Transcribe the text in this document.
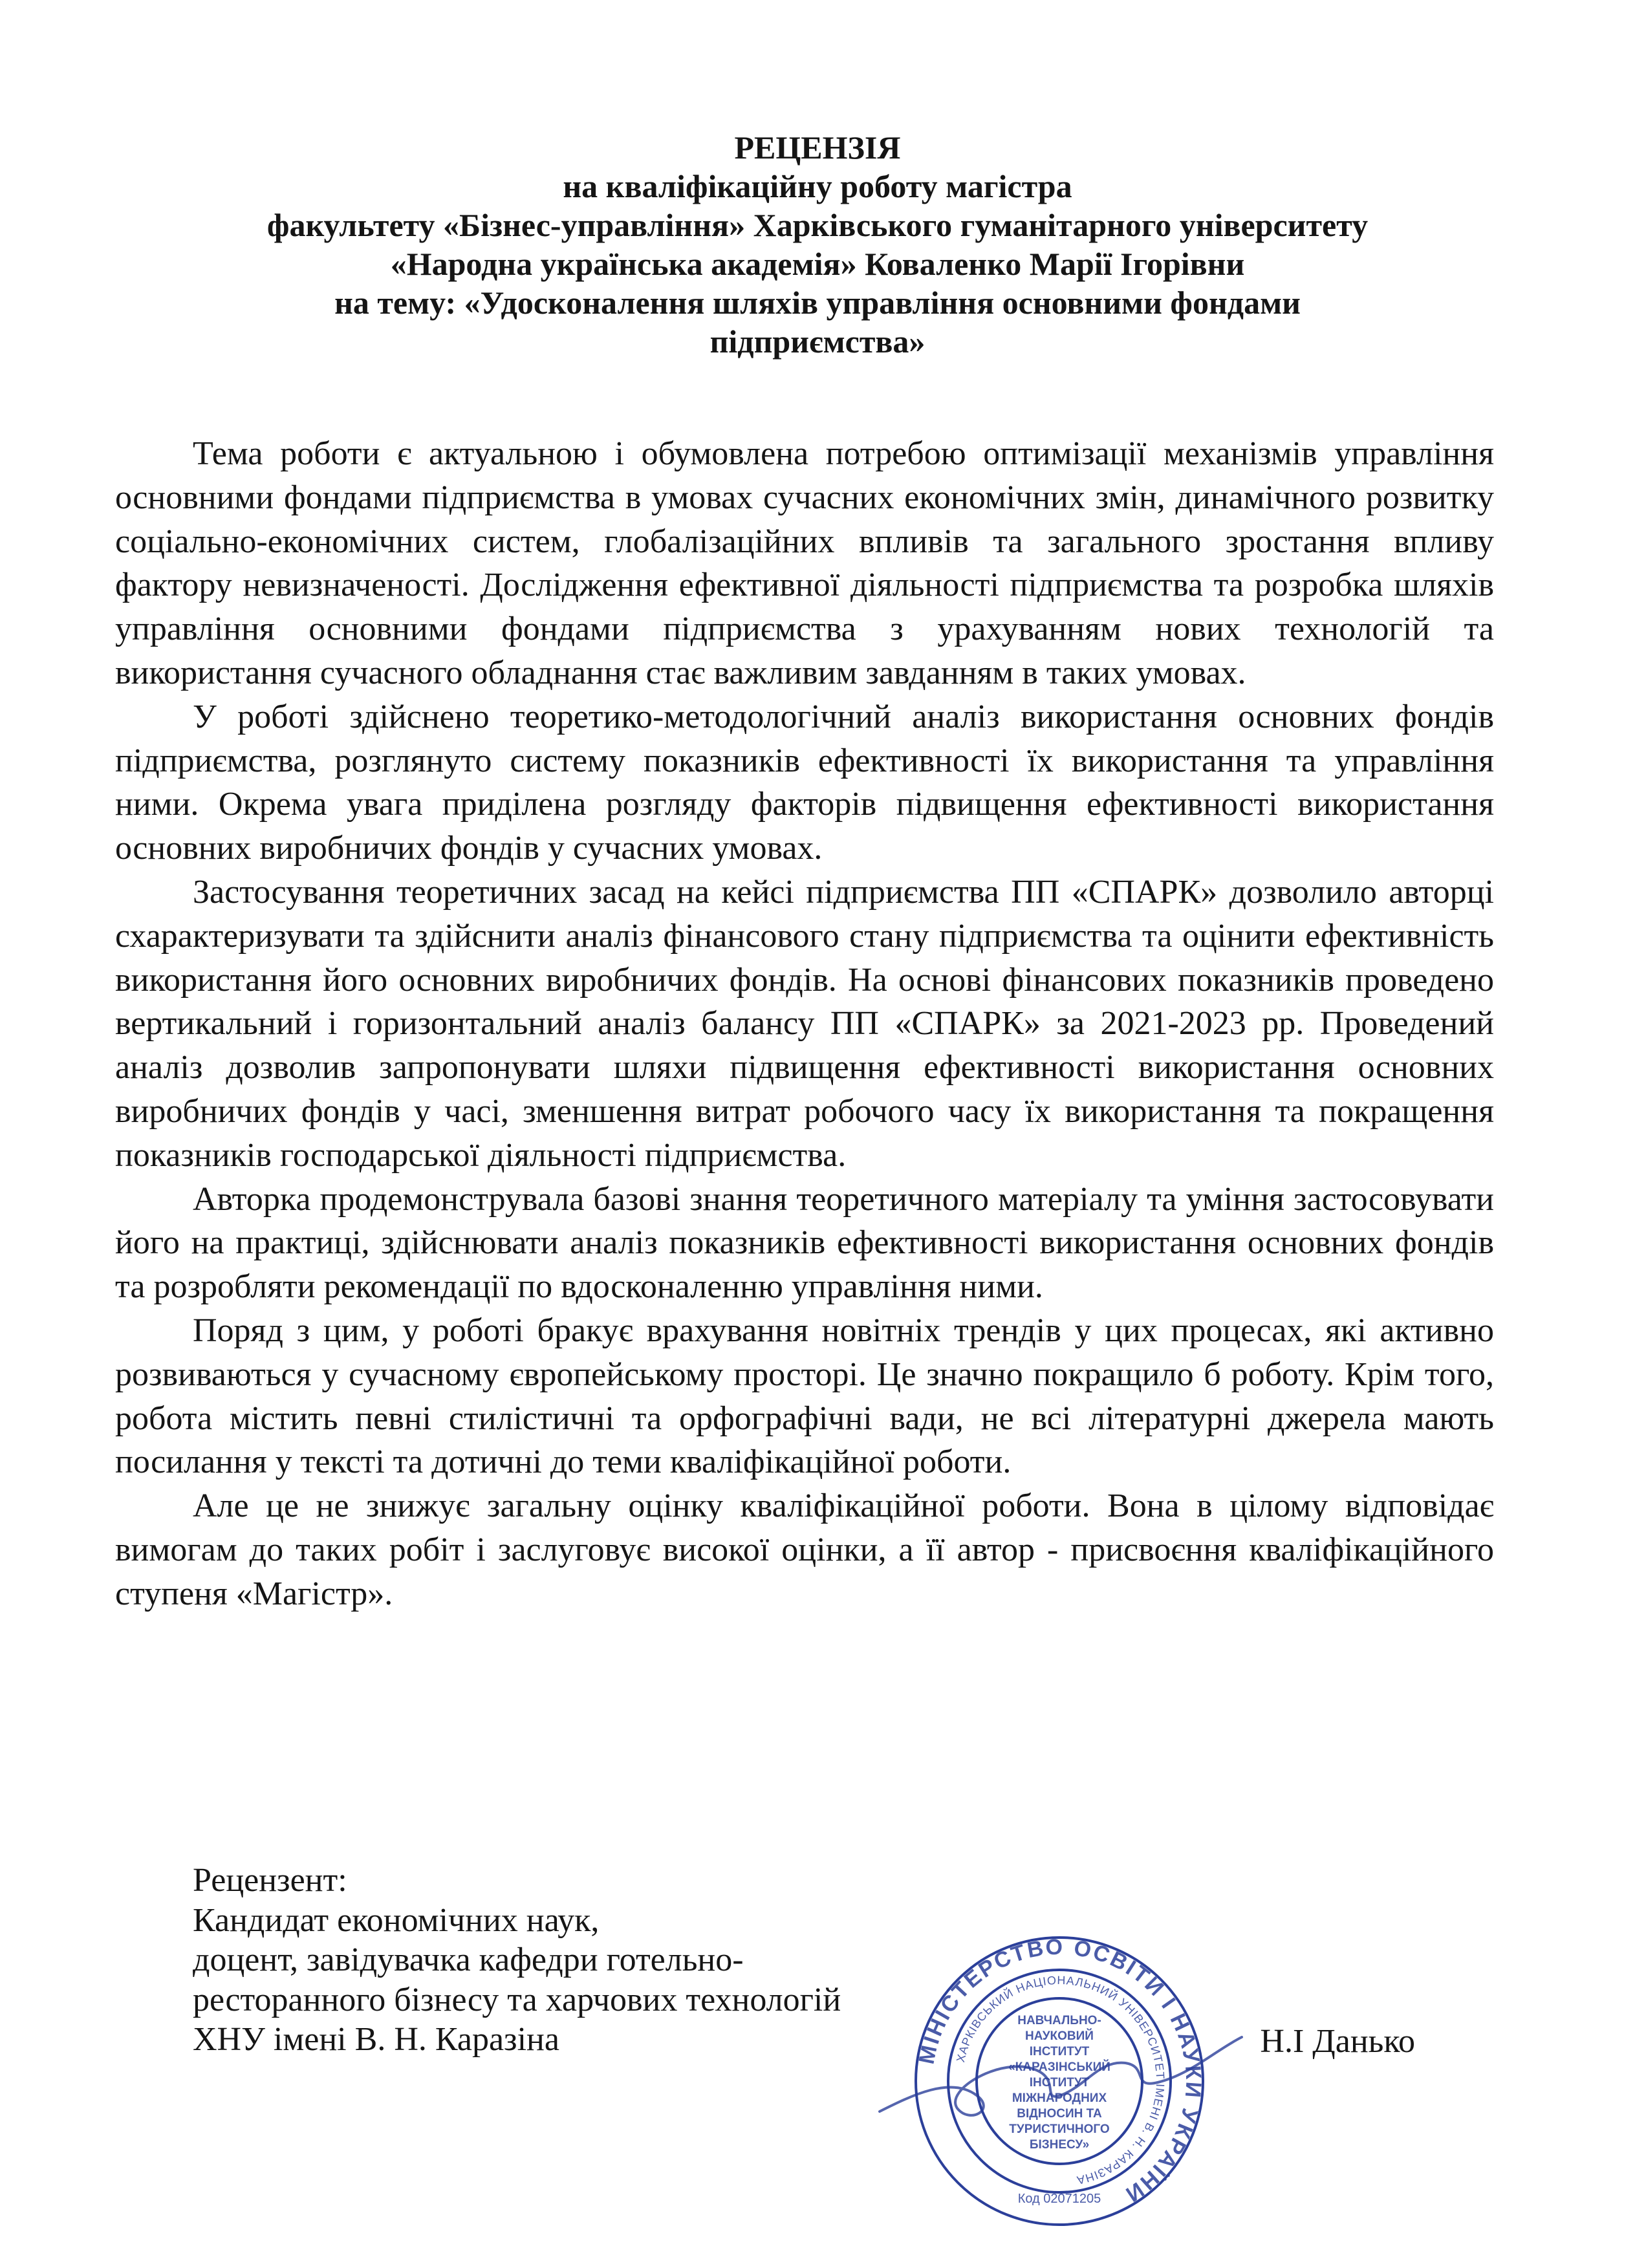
РЕЦЕНЗІЯ
на кваліфікаційну роботу магістра
факультету «Бізнес-управління» Харківського гуманітарного університету
«Народна українська академія» Коваленко Марії Ігорівни
на тему: «Удосконалення шляхів управління основними фондами
підприємства»

Тема роботи є актуальною і обумовлена потребою оптимізації механізмів управління основними фондами підприємства в умовах сучасних економічних змін, динамічного розвитку соціально-економічних систем, глобалізаційних впливів та загального зростання впливу фактору невизначеності. Дослідження ефективної діяльності підприємства та розробка шляхів управління основними фондами підприємства з урахуванням нових технологій та використання сучасного обладнання стає важливим завданням в таких умовах.

У роботі здійснено теоретико-методологічний аналіз використання основних фондів підприємства, розглянуто систему показників ефективності їх використання та управління ними. Окрема увага приділена розгляду факторів підвищення ефективності використання основних виробничих фондів у сучасних умовах.

Застосування теоретичних засад на кейсі підприємства ПП «СПАРК» дозволило авторці схарактеризувати та здійснити аналіз фінансового стану підприємства та оцінити ефективність використання його основних виробничих фондів. На основі фінансових показників проведено вертикальний і горизонтальний аналіз балансу ПП «СПАРК» за 2021-2023 рр. Проведений аналіз дозволив запропонувати шляхи підвищення ефективності використання основних виробничих фондів у часі, зменшення витрат робочого часу їх використання та покращення показників господарської діяльності підприємства.

Авторка продемонструвала базові знання теоретичного матеріалу та уміння застосовувати його на практиці, здійснювати аналіз показників ефективності використання основних фондів та розробляти рекомендації по вдосконаленню управління ними.

Поряд з цим, у роботі бракує врахування новітніх трендів у цих процесах, які активно розвиваються у сучасному європейському просторі. Це значно покращило б роботу. Крім того, робота містить певні стилістичні та орфографічні вади, не всі літературні джерела мають посилання у тексті та дотичні до теми кваліфікаційної роботи.

Але це не знижує загальну оцінку кваліфікаційної роботи. Вона в цілому відповідає вимогам до таких робіт і заслуговує високої оцінки, а її автор - присвоєння кваліфікаційного ступеня «Магістр».

Рецензент:
Кандидат економічних наук,
доцент, завідувачка кафедри готельно-
ресторанного бізнесу та харчових технологій
ХНУ імені В. Н. Каразіна	Н.І Данько
МІНІСТЕРСТВО ОСВІТИ І НАУКИ УКРАЇНИ
ХАРКІВСЬКИЙ НАЦІОНАЛЬНИЙ УНІВЕРСИТЕТ ІМЕНІ В. Н. КАРАЗІНА
НАВЧАЛЬНО-
НАУКОВИЙ
ІНСТИТУТ
«КАРАЗІНСЬКИЙ
ІНСТИТУТ
МІЖНАРОДНИХ
ВІДНОСИН ТА
ТУРИСТИЧНОГО
БІЗНЕСУ»
Код 02071205
